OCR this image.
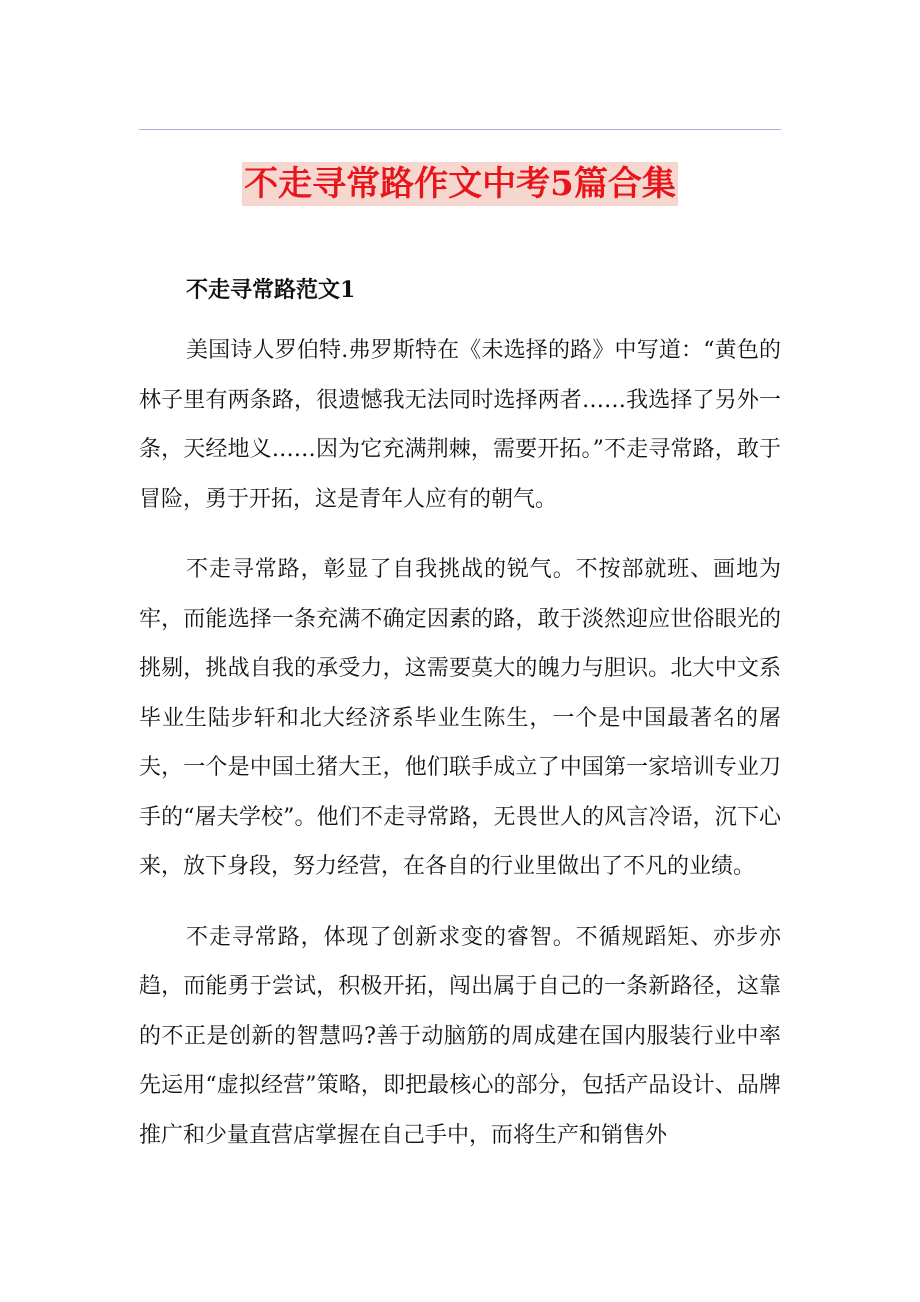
不走寻常路作文中考5篇合集
不走寻常路范文1

美国诗人罗伯特.弗罗斯特在《未选择的路》中写道：“黄色的林子里有两条路，很遗憾我无法同时选择两者……我选择了另外一条，天经地义……因为它充满荆棘，需要开拓。”不走寻常路，敢于冒险，勇于开拓，这是青年人应有的朝气。

不走寻常路，彰显了自我挑战的锐气。不按部就班、画地为牢，而能选择一条充满不确定因素的路，敢于淡然迎应世俗眼光的挑剔，挑战自我的承受力，这需要莫大的魄力与胆识。北大中文系毕业生陆步轩和北大经济系毕业生陈生，一个是中国最著名的屠夫，一个是中国土猪大王，他们联手成立了中国第一家培训专业刀手的“屠夫学校”。他们不走寻常路，无畏世人的风言冷语，沉下心来，放下身段，努力经营，在各自的行业里做出了不凡的业绩。

不走寻常路，体现了创新求变的睿智。不循规蹈矩、亦步亦趋，而能勇于尝试，积极开拓，闯出属于自己的一条新路径，这靠的不正是创新的智慧吗?善于动脑筋的周成建在国内服装行业中率先运用“虚拟经营”策略，即把最核心的部分，包括产品设计、品牌推广和少量直营店掌握在自己手中，而将生产和销售外
